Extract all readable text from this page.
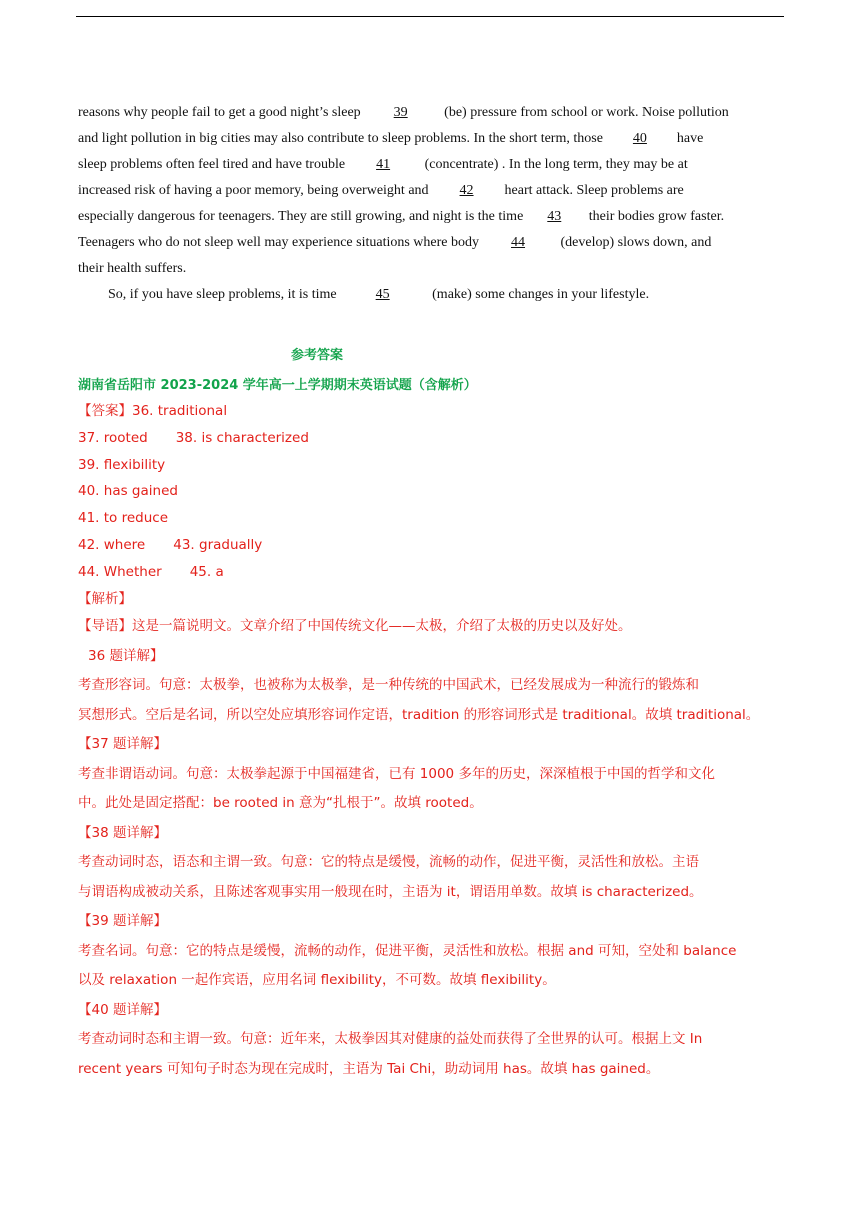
reasons why people fail to get a good night’s sleep 39 (be) pressure from school or work. Noise pollution

and light pollution in big cities may also contribute to sleep problems. In the short term, those 40 have

sleep problems often feel tired and have trouble 41 (concentrate) . In the long term, they may be at

increased risk of having a poor memory, being overweight and 42 heart attack. Sleep problems are

especially dangerous for teenagers. They are still growing, and night is the time 43 their bodies grow faster.

Teenagers who do not sleep well may experience situations where body 44 (develop) slows down, and

their health suffers.

So, if you have sleep problems, it is time	45	(make) some changes in your lifestyle.

参考答案
湖南省岳阳市 2023-2024 学年高一上学期期末英语试题（含解析）
【答案】36. traditional
37. rooted 38. is characterized
39. flexibility
40. has gained
41. to reduce
42. where 43. gradually
44. Whether 45. a
【解析】
【导语】这是一篇说明文。文章介绍了中国传统文化——太极，介绍了太极的历史以及好处。
36 题详解】
考查形容词。句意：太极拳，也被称为太极拳，是一种传统的中国武术，已经发展成为一种流行的锻炼和
冥想形式。空后是名词，所以空处应填形容词作定语，tradition 的形容词形式是 traditional。故填 traditional。
【37 题详解】
考查非谓语动词。句意：太极拳起源于中国福建省，已有 1000 多年的历史，深深植根于中国的哲学和文化
中。此处是固定搭配：be rooted in 意为“扎根于”。故填 rooted。
【38 题详解】
考查动词时态，语态和主谓一致。句意：它的特点是缓慢，流畅的动作，促进平衡，灵活性和放松。主语
与谓语构成被动关系，且陈述客观事实用一般现在时，主语为 it，谓语用单数。故填 is characterized。
【39 题详解】
考查名词。句意：它的特点是缓慢，流畅的动作，促进平衡，灵活性和放松。根据 and 可知，空处和 balance
以及 relaxation 一起作宾语，应用名词 flexibility，不可数。故填 flexibility。
【40 题详解】
考查动词时态和主谓一致。句意：近年来，太极拳因其对健康的益处而获得了全世界的认可。根据上文 In
recent years 可知句子时态为现在完成时，主语为 Tai Chi，助动词用 has。故填 has gained。
